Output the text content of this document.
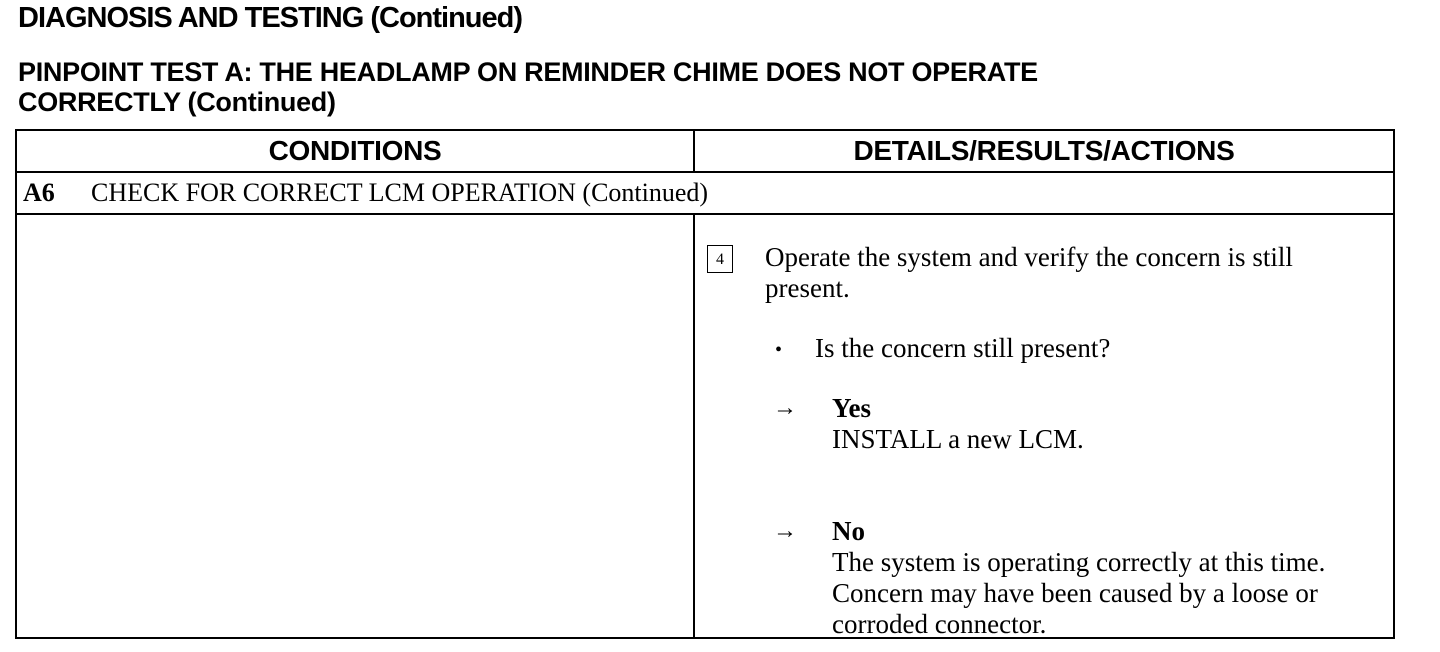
DIAGNOSIS AND TESTING (Continued)
PINPOINT TEST A: THE HEADLAMP ON REMINDER CHIME DOES NOT OPERATE
CORRECTLY (Continued)
CONDITIONS	DETAILS/RESULTS/ACTIONS
A6	CHECK FOR CORRECT LCM OPERATION (Continued)
4	Operate the system and verify the concern is still present.
• Is the concern still present?
→ Yes
INSTALL a new LCM.
→ No
The system is operating correctly at this time. Concern may have been caused by a loose or corroded connector.
